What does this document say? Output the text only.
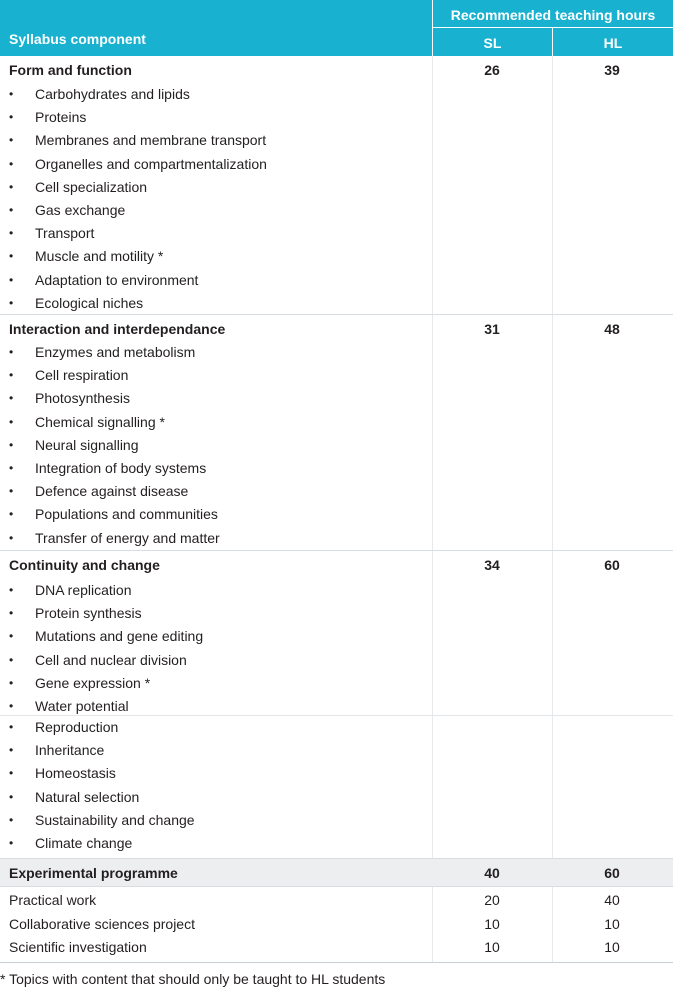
Syllabus component
Recommended teaching hours
SL	HL
Form and function	26	39
• Carbohydrates and lipids
• Proteins
• Membranes and membrane transport
• Organelles and compartmentalization
• Cell specialization
• Gas exchange
• Transport
• Muscle and motility *
• Adaptation to environment
• Ecological niches
Interaction and interdependance	31	48
• Enzymes and metabolism
• Cell respiration
• Photosynthesis
• Chemical signalling *
• Neural signalling
• Integration of body systems
• Defence against disease
• Populations and communities
• Transfer of energy and matter
Continuity and change	34	60
• DNA replication
• Protein synthesis
• Mutations and gene editing
• Cell and nuclear division
• Gene expression *
• Water potential
• Reproduction
• Inheritance
• Homeostasis
• Natural selection
• Sustainability and change
• Climate change
Experimental programme	40	60
Practical work	20	40
Collaborative sciences project	10	10
Scientific investigation	10	10
* Topics with content that should only be taught to HL students
